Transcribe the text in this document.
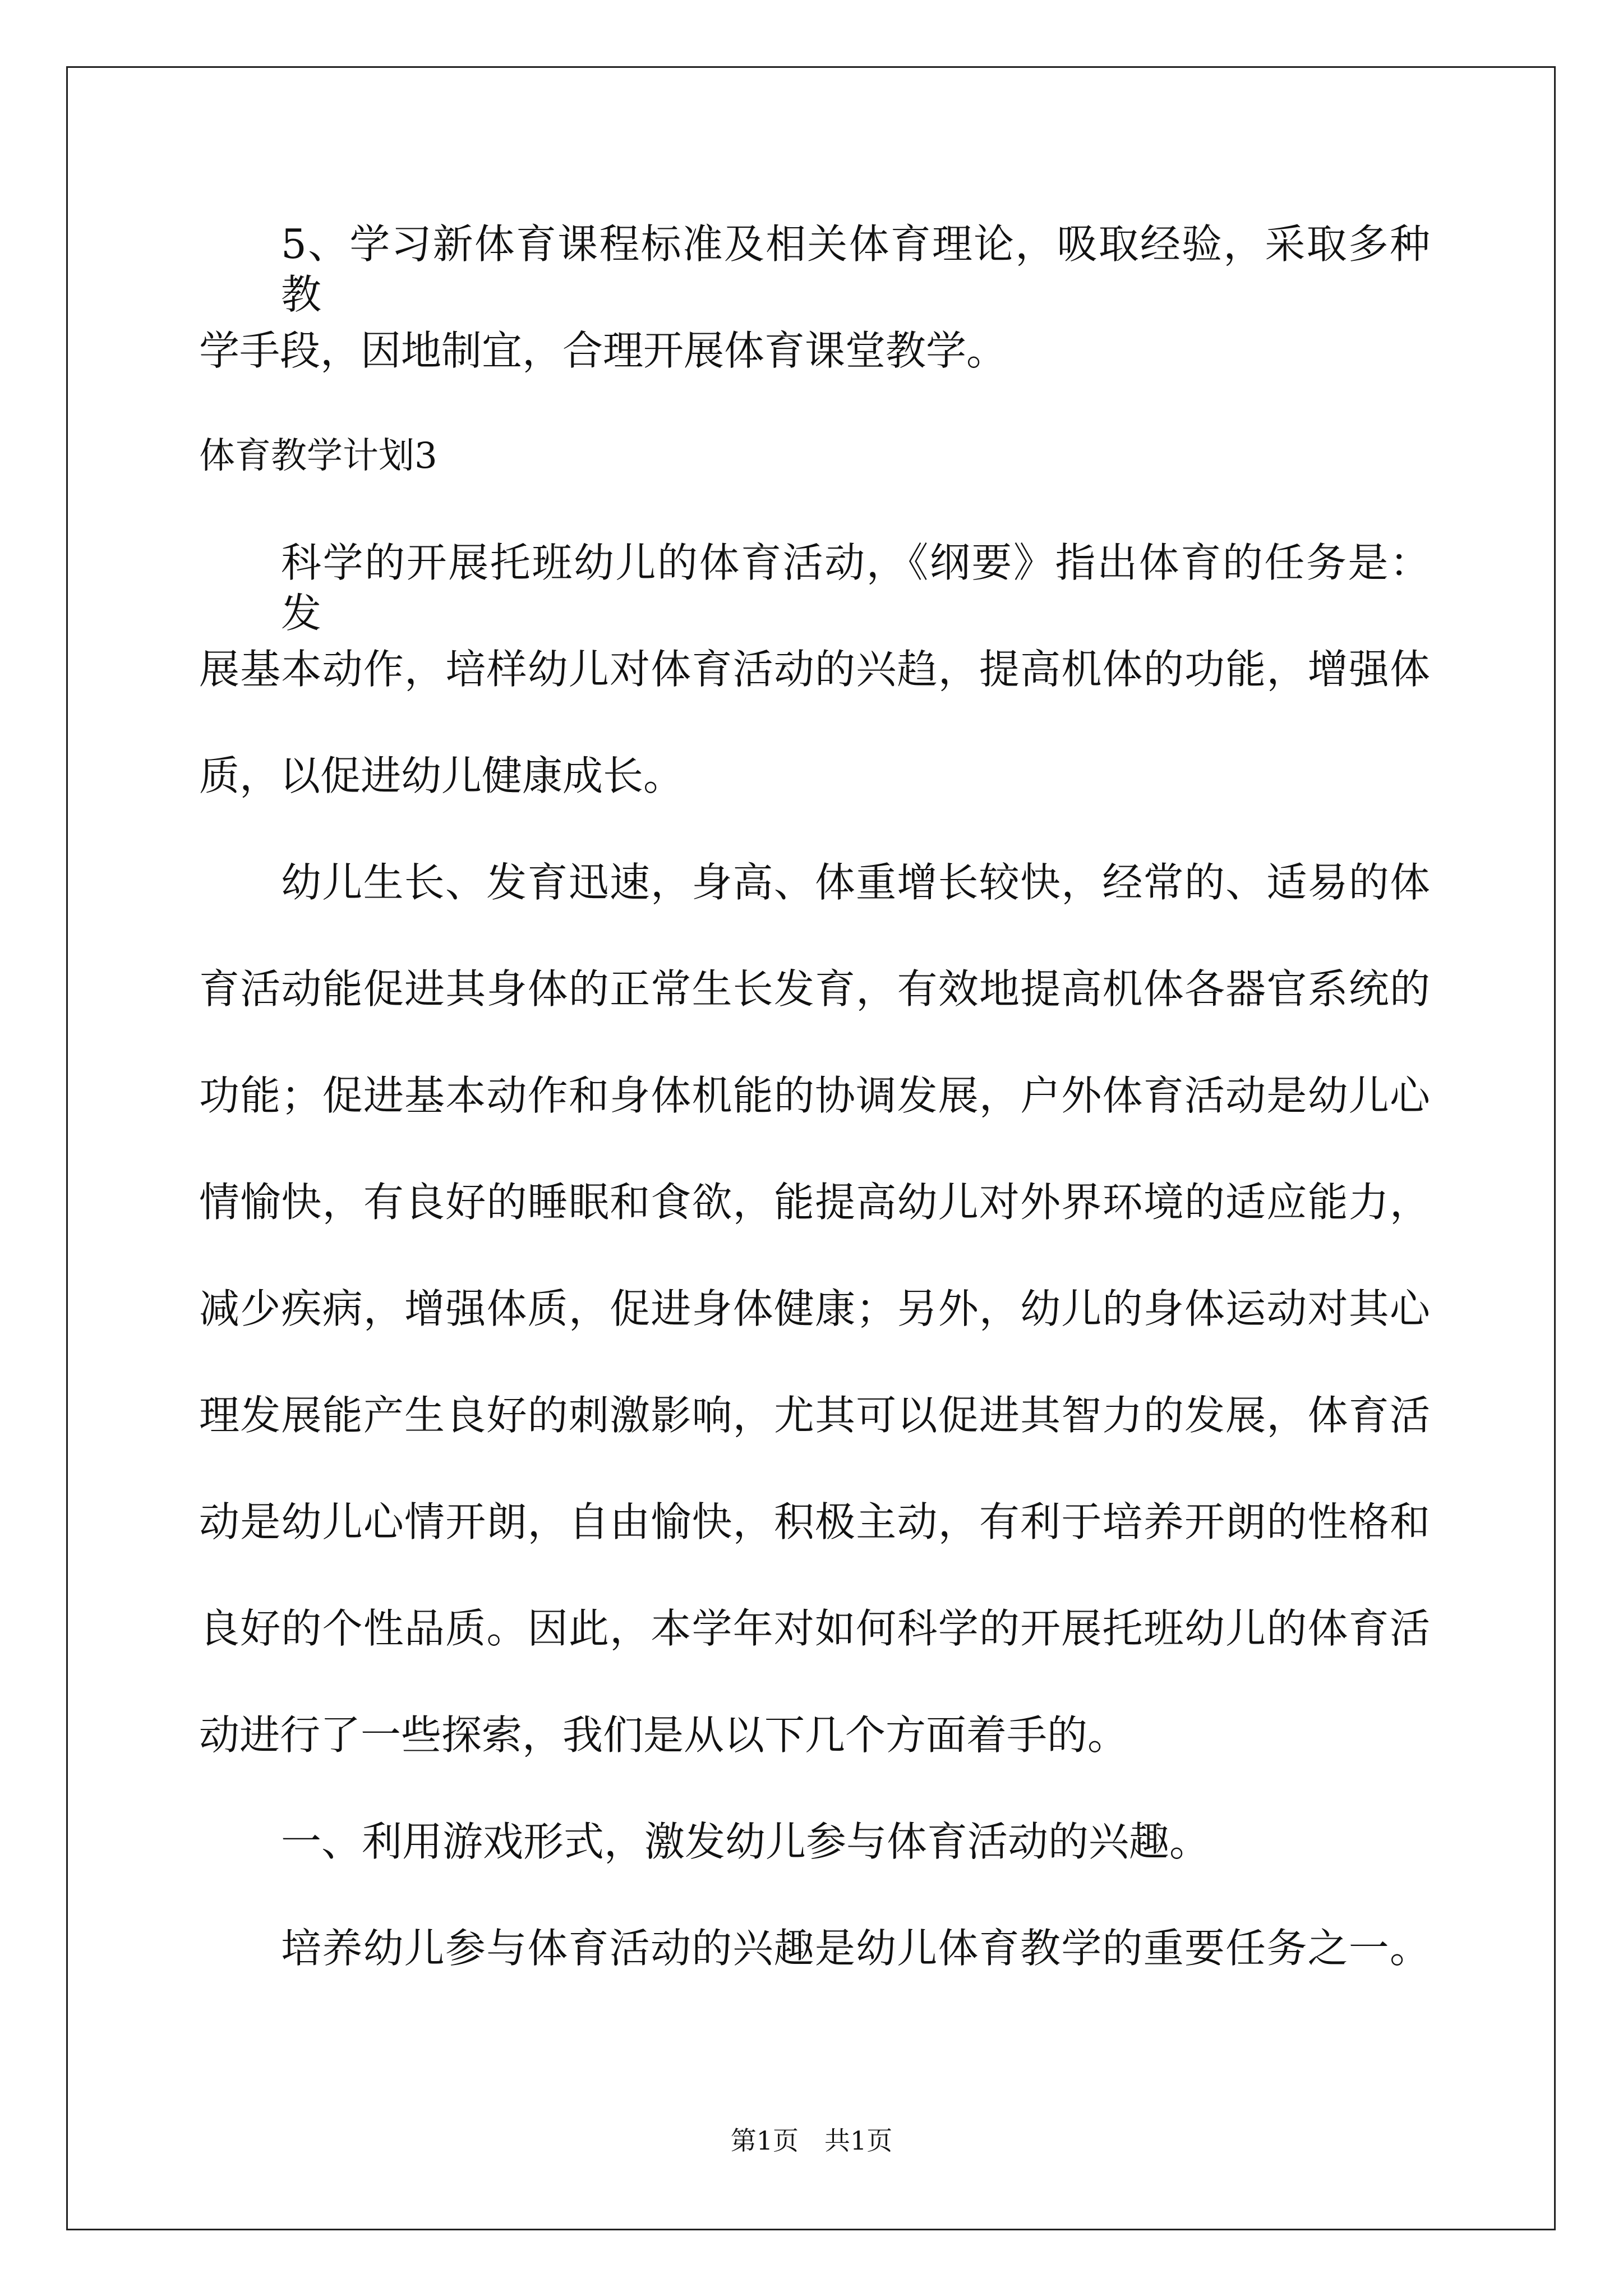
5、学习新体育课程标准及相关体育理论，吸取经验，采取多种教
学手段，因地制宜，合理开展体育课堂教学。
体育教学计划3
科学的开展托班幼儿的体育活动，《纲要》指出体育的任务是：发
展基本动作，培样幼儿对体育活动的兴趋，提高机体的功能，增强体
质，以促进幼儿健康成长。
幼儿生长、发育迅速，身高、体重增长较快，经常的、适易的体
育活动能促进其身体的正常生长发育，有效地提高机体各器官系统的
功能；促进基本动作和身体机能的协调发展，户外体育活动是幼儿心
情愉快，有良好的睡眠和食欲，能提高幼儿对外界环境的适应能力，
减少疾病，增强体质，促进身体健康；另外，幼儿的身体运动对其心
理发展能产生良好的刺激影响，尤其可以促进其智力的发展，体育活
动是幼儿心情开朗，自由愉快，积极主动，有利于培养开朗的性格和
良好的个性品质。因此，本学年对如何科学的开展托班幼儿的体育活
动进行了一些探索，我们是从以下几个方面着手的。
一、利用游戏形式，激发幼儿参与体育活动的兴趣。
培养幼儿参与体育活动的兴趣是幼儿体育教学的重要任务之一。
第1页　共1页
